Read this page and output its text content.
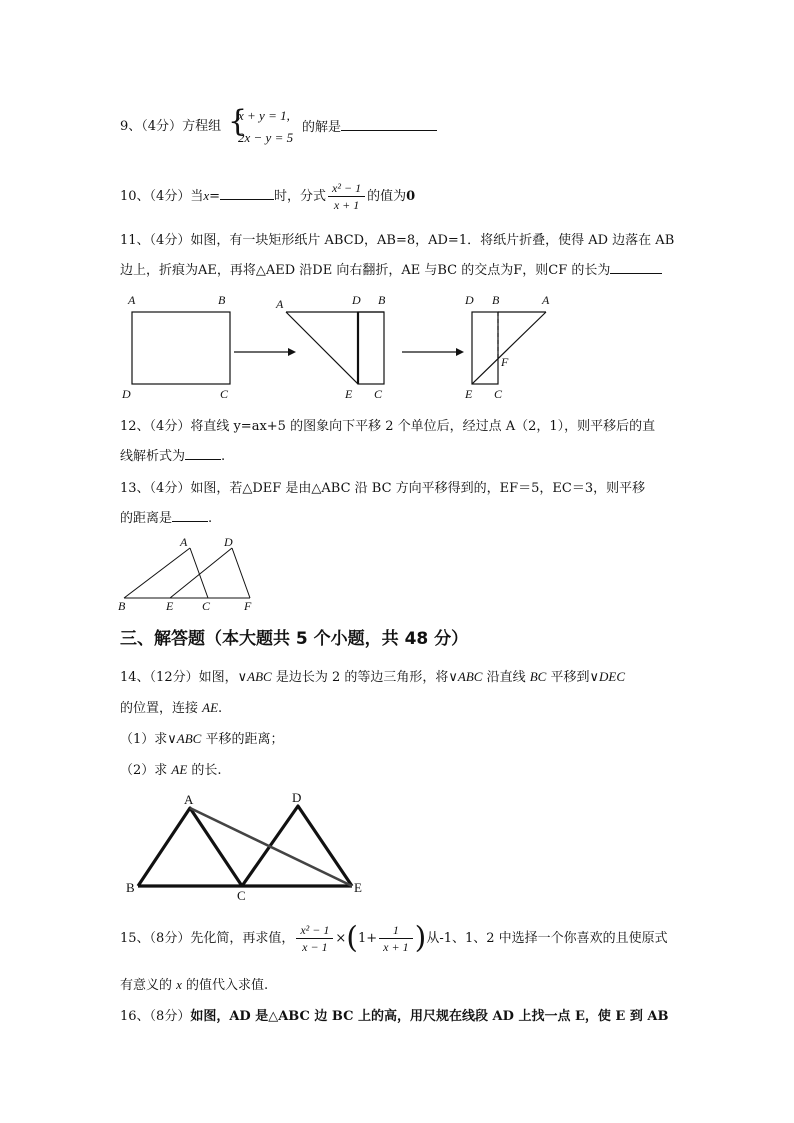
9、（4分）方程组 {
x + y = 1,
2x − y = 5
的解是
10、（4分）当x=	时，分式 $\frac{\text{x² − 1}}{x + 1}$ 的值为0
11、（4分）如图，有一块矩形纸片 ABCD，AB=8，AD=1．将纸片折叠，使得 AD 边落在 AB
边上，折痕为AE，再将△AED 沿DE 向右翻折，AE 与BC 的交点为F，则CF 的长为
A	B
D	C
A	D B
E C
D B	A
F
E C
12、（4分）将直线 y=ax+5 的图象向下平移 2 个单位后，经过点 A（2，1），则平移后的直
线解析式为	.
13、（4分）如图，若△DEF 是由△ABC 沿 BC 方向平移得到的，EF＝5，EC＝3，则平移
的距离是	.
A	D
B	E C	F
三、解答题（本大题共 5 个小题，共 48 分）
14、（12分）如图，∨ABC 是边长为 2 的等边三角形，将∨ABC 沿直线 BC 平移到∨DEC
的位置，连接 AE.
（1）求∨ABC 平移的距离；
（2）求 AE 的长.
A	D
B
C
E
15、（8分）先化简，再求值， $\frac{\text{x² − 1}}{x - 1} \times(1+ \frac{1}{x + 1}$ )从-1、1、2 中选择一个你喜欢的且使原式
有意义的 x 的值代入求值.
16、（8分）如图，AD 是△ABC 边 BC 上的高，用尺规在线段 AD 上找一点 E，使 E 到 AB
